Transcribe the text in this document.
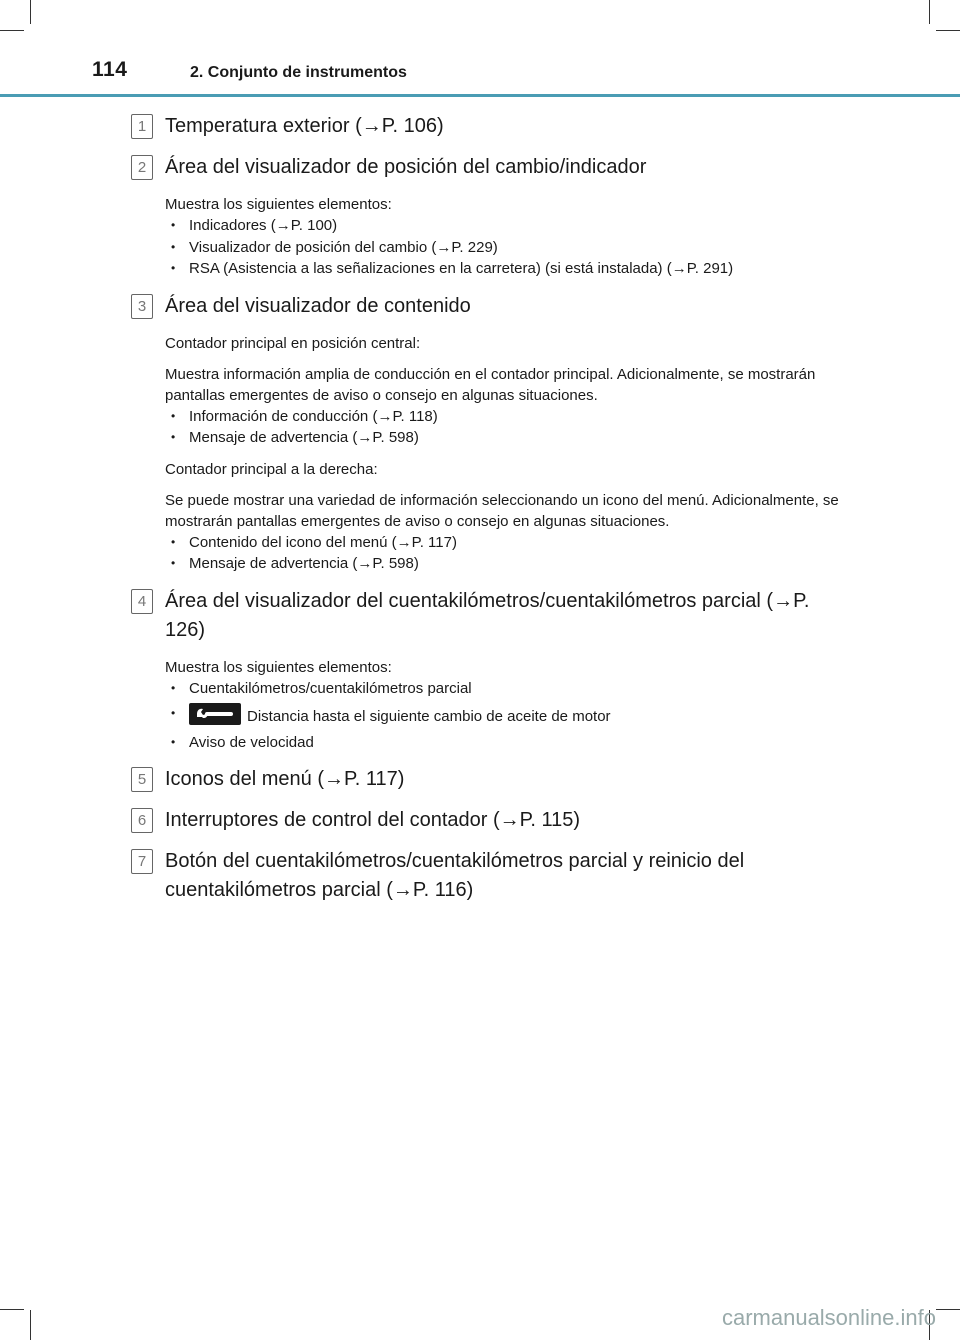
114	2. Conjunto de instrumentos
1 Temperatura exterior (→P. 106)
2 Área del visualizador de posición del cambio/indicador
Muestra los siguientes elementos:
• Indicadores (→P. 100)
• Visualizador de posición del cambio (→P. 229)
• RSA (Asistencia a las señalizaciones en la carretera) (si está instalada) (→P. 291)
3 Área del visualizador de contenido
Contador principal en posición central:
Muestra información amplia de conducción en el contador principal. Adicionalmente, se mostrarán pantallas emergentes de aviso o consejo en algunas situaciones.
• Información de conducción (→P. 118)
• Mensaje de advertencia (→P. 598)
Contador principal a la derecha:
Se puede mostrar una variedad de información seleccionando un icono del menú. Adicionalmente, se mostrarán pantallas emergentes de aviso o consejo en algunas situaciones.
• Contenido del icono del menú (→P. 117)
• Mensaje de advertencia (→P. 598)
4 Área del visualizador del cuentakilómetros/cuentakilómetros parcial (→P. 126)
Muestra los siguientes elementos:
• Cuentakilómetros/cuentakilómetros parcial
• Distancia hasta el siguiente cambio de aceite de motor
• Aviso de velocidad
5 Iconos del menú (→P. 117)
6 Interruptores de control del contador (→P. 115)
7 Botón del cuentakilómetros/cuentakilómetros parcial y reinicio del cuentakilómetros parcial (→P. 116)
carmanualsonline.info
